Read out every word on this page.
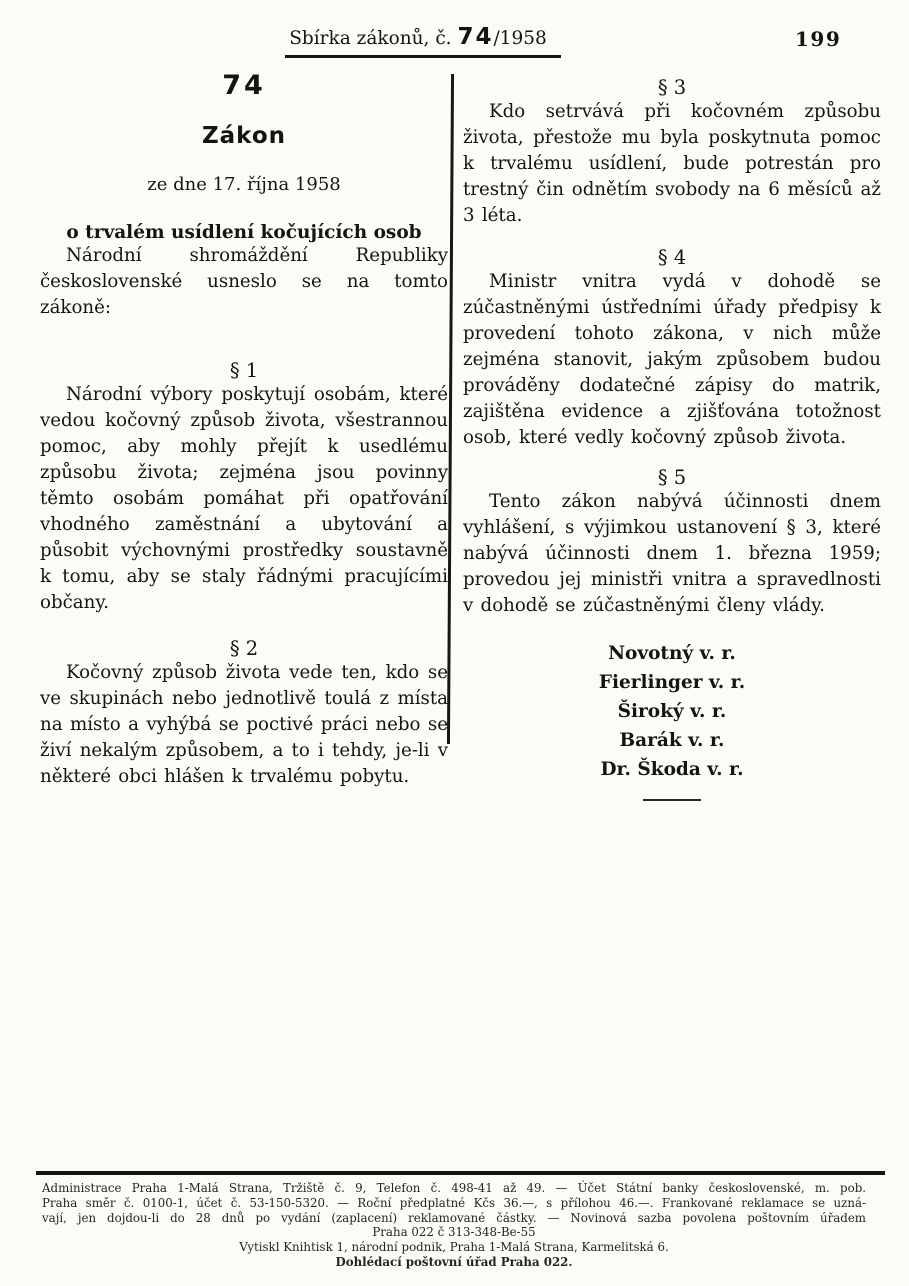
Sbírka zákonů, č. 74/1958	199
74
Zákon
ze dne 17. října 1958
o trvalém usídlení kočujících osob

Národní shromáždění Republiky československé usneslo se na tomto zákoně:

§ 1

Národní výbory poskytují osobám, které vedou kočovný způsob života, všestrannou pomoc, aby mohly přejít k usedlému způsobu života; zejména jsou povinny těmto osobám pomáhat při opatřování vhodného zaměstnání a ubytování a působit výchovnými prostředky soustavně k tomu, aby se staly řádnými pracujícími občany.

§ 2

Kočovný způsob života vede ten, kdo se ve skupinách nebo jednotlivě toulá z místa na místo a vyhýbá se poctivé práci nebo se živí nekalým způsobem, a to i tehdy, je-li v některé obci hlášen k trvalému pobytu.

§ 3

Kdo setrvává při kočovném způsobu života, přestože mu byla poskytnuta pomoc k trvalému usídlení, bude potrestán pro trestný čin odnětím svobody na 6 měsíců až 3 léta.

§ 4

Ministr vnitra vydá v dohodě se zúčastněnými ústředními úřady předpisy k provedení tohoto zákona, v nich může zejména stanovit, jakým způsobem budou prováděny dodatečné zápisy do matrik, zajištěna evidence a zjišťována totožnost osob, které vedly kočovný způsob života.

§ 5

Tento zákon nabývá účinnosti dnem vyhlášení, s výjimkou ustanovení § 3, které nabývá účinnosti dnem 1. března 1959; provedou jej ministři vnitra a spravedlnosti v dohodě se zúčastněnými členy vlády.

Novotný v. r.
Fierlinger v. r.
Široký v. r.
Barák v. r.
Dr. Škoda v. r.
Administrace Praha 1-Malá Strana, Tržiště č. 9, Telefon č. 498-41 až 49. — Účet Státní banky československé, m. pob.
Praha směr č. 0100-1, účet č. 53-150-5320. — Roční předplatné Kčs 36.—, s přílohou 46.—. Frankované reklamace se uzná-
vají, jen dojdou-li do 28 dnů po vydání (zaplacení) reklamované částky. — Novinová sazba povolena poštovním úřadem
Praha 022 č 313-348-Be-55
Vytiskl Knihtisk 1, národní podnik, Praha 1-Malá Strana, Karmelitská 6.
Dohlédací poštovní úřad Praha 022.
